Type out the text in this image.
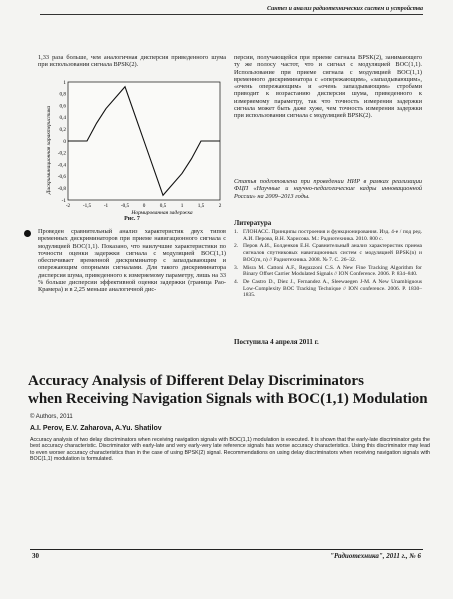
Синтез и анализ радиотехнических систем и устройства
1,33 раза больше, чем аналогичная дисперсия приведенного шума при использовании сигнала BPSK(2).
-2 -1,5 -1 -0,5	0	0,5	1	1,5	2
1
0,8
0,6
0,4
0,2
0
-0,2
-0,4
-0,6
-0,8
-1
Дискриминационная характеристика
Нормированная задержка
Рис. 7
Проведен сравнительный анализ характеристик двух типов временных дискриминаторов при приеме навигационного сигнала с модуляцией BOC(1,1). Показано, что наилучшие характеристики по точности оценки задержки сигнала с модуляцией BOC(1,1) обеспечивает временной дискриминатор с запаздывающим и опережающим опорными сигналами. Для такого дискриминатора дисперсия шума, приведенного к измеряемому параметру, лишь на 33 % больше дисперсии эффективной оценки задержки (граница Рао-Крамера) и в 2,25 меньше аналогичной дис-
персии, получающейся при приеме сигнала BPSK(2), занимающего ту же полосу частот, что и сигнал с модуляцией BOC(1,1). Использование при приеме сигнала с модуляцией BOC(1,1) временного дискриминатора с «опережающим», «запаздывающим», «очень опережающим» и «очень запаздывающим» стробами приводит к возрастанию дисперсия шума, приведенного к измеряемому параметру, так что точность измерения задержки сигнала может быть даже хуже, чем точность измерения задержки при использовании сигнала с модуляцией BPSK(2).
Статья подготовлена при проведении НИР в рамках реализации ФЦП «Научные и научно-педагогические кадры инновационной России» на 2009–2013 годы.
Литература
1. ГЛОНАСС. Принципы построения и функционирования. Изд. 4-е / под ред. А.И. Перова, В.Н. Харисова. М.: Радиотехника. 2010. 800 с.
2. Перов А.И., Болденков Е.Н. Сравнительный анализ характеристик приема сигналов спутниковых навигационных систем с модуляцией BPSK(n) и BOC(m, n) // Радиотехника. 2008. № 7. С. 26–32.
3. Misra M. Cattoni A.F., Regazzoni C.S. A New Fine Tracking Algorithm for Binary Offset Carrier Modulated Signals // ION Conference. 2006. P. 834–840.
4. De Castro D., Diez J., Fernandez A., Sleewaegen J-M. A New Unambiguous Low-Complexity BOC Tracking Technique // ION conference. 2006. P. 1830–1835.
Поступила 4 апреля 2011 г.
Accuracy Analysis of Different Delay Discriminators
when Receiving Navigation Signals with BOC(1,1) Modulation
© Authors, 2011
A.I. Perov, E.V. Zaharova, A.Yu. Shatilov
Accuracy analysis of two delay discriminators when receiving navigation signals with BOC(1,1) modulation is executed. It is shown that the early-late discriminator gets the best accuracy characteristic. Discriminator with early-late and very early-very late reference signals has worse accuracy characteristics. Using this discriminator may lead to even worser accuracy characteristics than in the case of using BPSK(2) signal. Recommendations on using delay discriminators when receiving navigation signals with BOC(1,1) modulation is formulated.
30	"Радиотехника", 2011 г., № 6
